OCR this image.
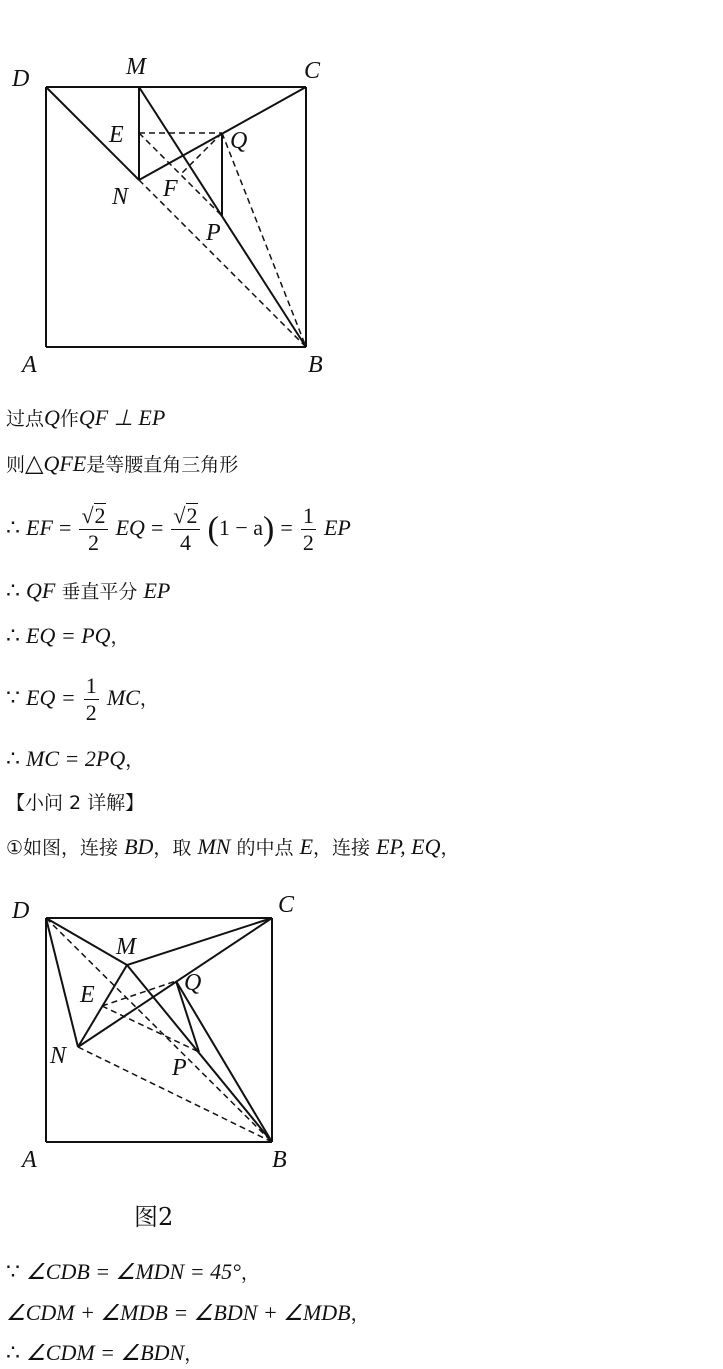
D	M	C
E	Q
N F
P
A	B
过点Q作QF ⊥ EP
则△QFE是等腰直角三角形
∴ EF = $\frac{√2}{2}$ EQ = $\frac{√2}{4} (1 - a) = \frac{1}{2}$ EP
∴ QF 垂直平分 EP
∴ EQ = PQ，
∵ EQ = $\frac{1}{2}$ MC，
∴ MC = 2PQ，
【小问 2 详解】
①如图，连接 BD，取 MN 的中点 E，连接 EP, EQ，
D	C
M
Q
E
N	P
A	B
图2
∵ ∠CDB = ∠MDN = 45°，
∠CDM + ∠MDB = ∠BDN + ∠MDB，
∴ ∠CDM = ∠BDN，
